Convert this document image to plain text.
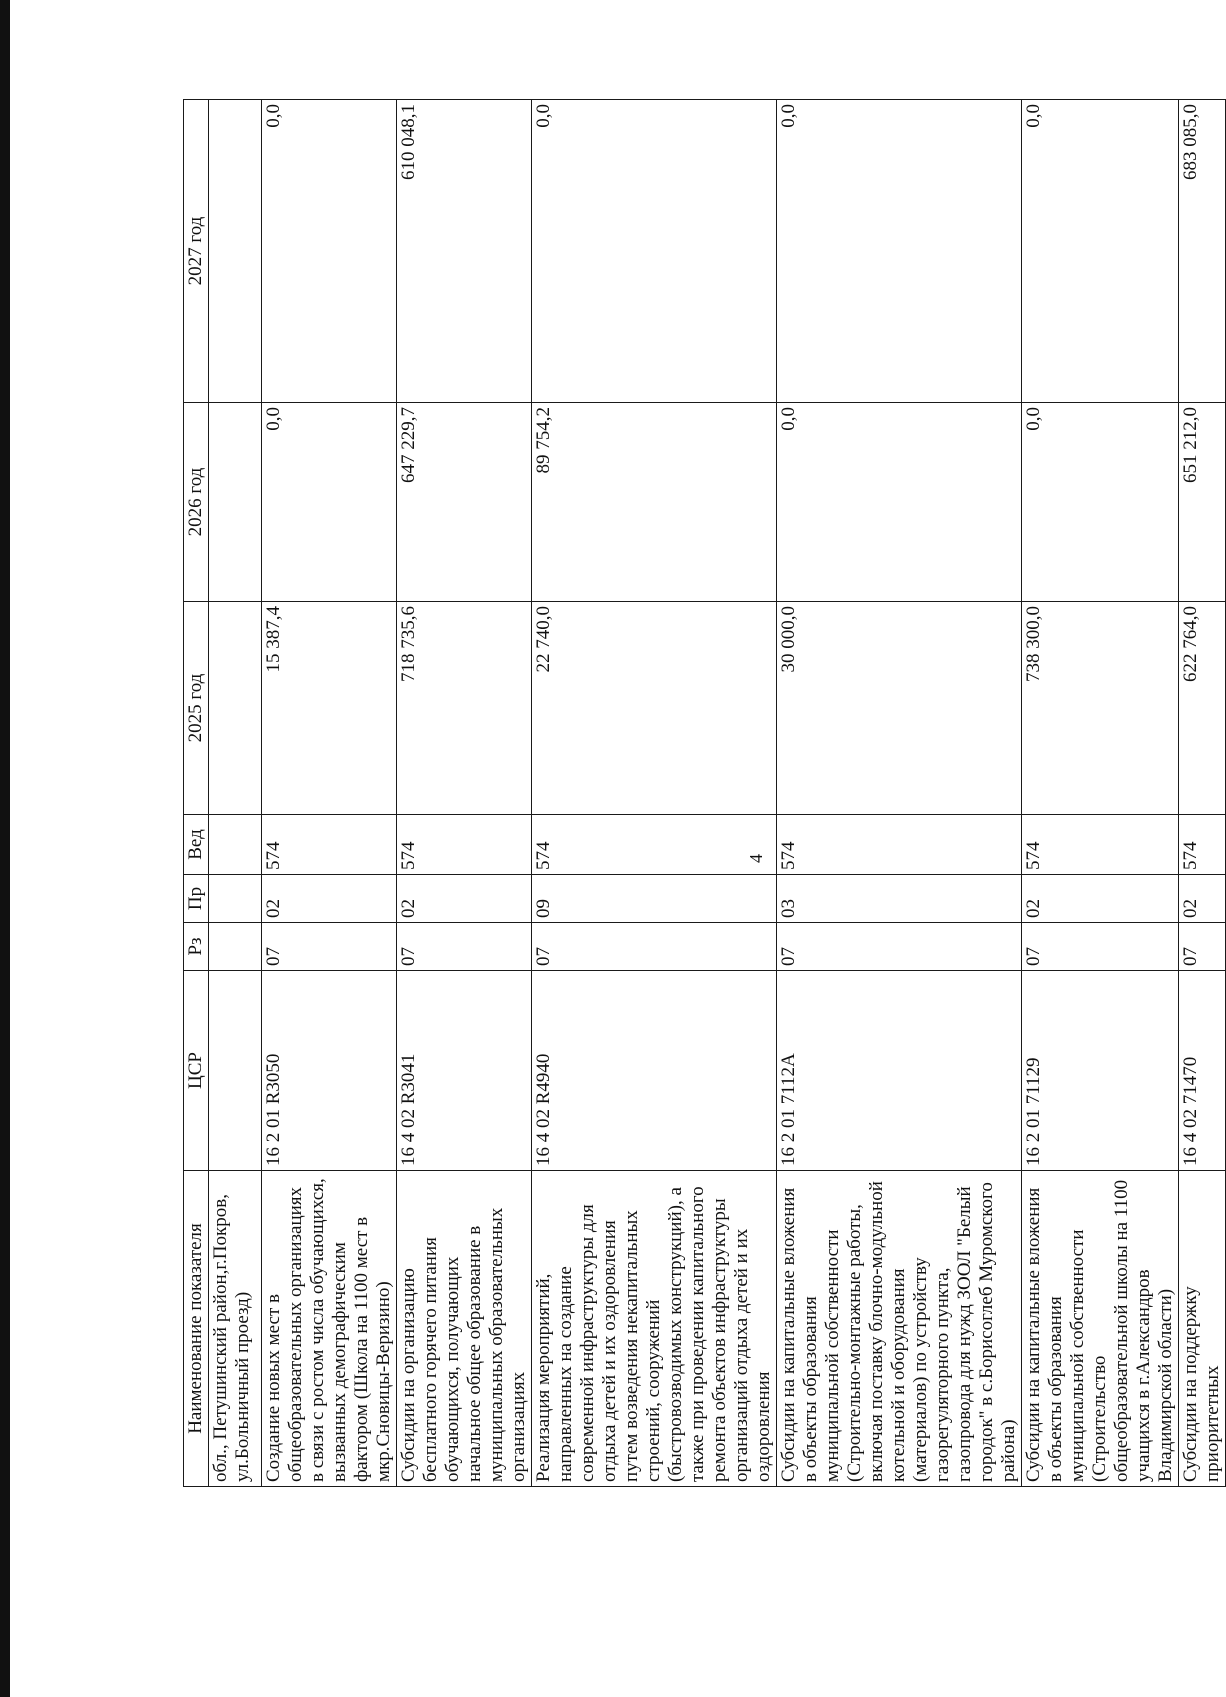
4
Наименование показателя	ЦСР	Рз	Пр	Вед	2025 год	2026 год	2027 год
обл., Петушинский район,г.Покров, ул.Больничный проезд)							
Создание новых мест в общеобразовательных организациях в связи с ростом числа обучающихся, вызванных демографическим фактором (Школа на 1100 мест в мкр.Сновицы-Веризино)	16 2 01 R3050	07	02	574	15 387,4	0,0	0,0
Субсидии на организацию бесплатного горячего питания обучающихся, получающих начальное общее образование в муниципальных образовательных организациях	16 4 02 R3041	07	02	574	718 735,6	647 229,7	610 048,1
Реализация мероприятий, направленных на создание современной инфраструктуры для отдыха детей и их оздоровления путем возведения некапитальных строений, сооружений (быстровозводимых конструкций), а также при проведении капитального ремонта объектов инфраструктуры организаций отдыха детей и их оздоровления	16 4 02 R4940	07	09	574	22 740,0	89 754,2	0,0
Субсидии на капитальные вложения в объекты образования муниципальной собственности (Строительно-монтажные работы, включая поставку блочно-модульной котельной и оборудования (материалов) по устройству газорегуляторного пункта, газопровода для нужд ЗООЛ "Белый городок" в с.Борисоглеб Муромского района)	16 2 01 7112А	07	03	574	30 000,0	0,0	0,0
Субсидии на капитальные вложения в объекты образования муниципальной собственности (Строительство общеобразовательной школы на 1100 учащихся в г.Александров Владимирской области)	16 2 01 71129	07	02	574	738 300,0	0,0	0,0
Субсидии на поддержку приоритетных	16 4 02 71470	07	02	574	622 764,0	651 212,0	683 085,0
